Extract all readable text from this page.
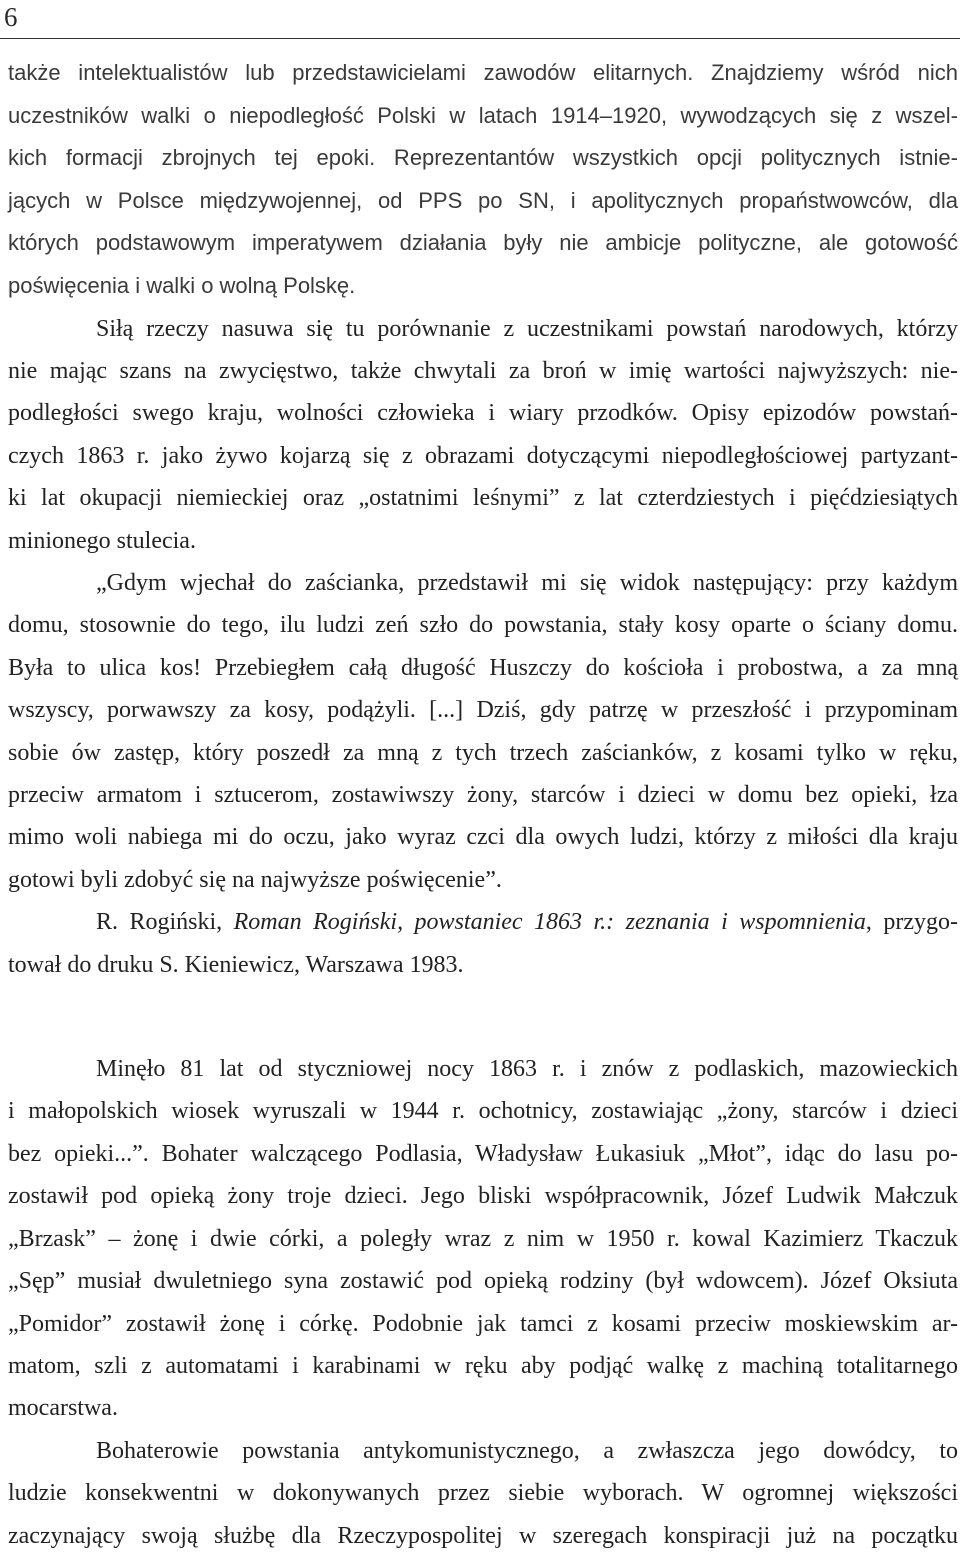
6
także intelektualistów lub przedstawicielami zawodów elitarnych. Znajdziemy wśród nich
uczestników walki o niepodległość Polski w latach 1914–1920, wywodzących się z wszel-
kich formacji zbrojnych tej epoki. Reprezentantów wszystkich opcji politycznych istnie-
jących w Polsce międzywojennej, od PPS po SN, i apolitycznych propaństwowców, dla
których podstawowym imperatywem działania były nie ambicje polityczne, ale gotowość
poświęcenia i walki o wolną Polskę.
Siłą rzeczy nasuwa się tu porównanie z uczestnikami powstań narodowych, którzy
nie mając szans na zwycięstwo, także chwytali za broń w imię wartości najwyższych: nie-
podległości swego kraju, wolności człowieka i wiary przodków. Opisy epizodów powstań-
czych 1863 r. jako żywo kojarzą się z obrazami dotyczącymi niepodległościowej partyzant-
ki lat okupacji niemieckiej oraz „ostatnimi leśnymi” z lat czterdziestych i pięćdziesiątych
minionego stulecia.
„Gdym wjechał do zaścianka, przedstawił mi się widok następujący: przy każdym
domu, stosownie do tego, ilu ludzi zeń szło do powstania, stały kosy oparte o ściany domu.
Była to ulica kos! Przebiegłem całą długość Huszczy do kościoła i probostwa, a za mną
wszyscy, porwawszy za kosy, podążyli. [...] Dziś, gdy patrzę w przeszłość i przypominam
sobie ów zastęp, który poszedł za mną z tych trzech zaścianków, z kosami tylko w ręku,
przeciw armatom i sztucerom, zostawiwszy żony, starców i dzieci w domu bez opieki, łza
mimo woli nabiega mi do oczu, jako wyraz czci dla owych ludzi, którzy z miłości dla kraju
gotowi byli zdobyć się na najwyższe poświęcenie”.
R. Rogiński, Roman Rogiński, powstaniec 1863 r.: zeznania i wspomnienia, przygo-
tował do druku S. Kieniewicz, Warszawa 1983.
Minęło 81 lat od styczniowej nocy 1863 r. i znów z podlaskich, mazowieckich
i małopolskich wiosek wyruszali w 1944 r. ochotnicy, zostawiając „żony, starców i dzieci
bez opieki...”. Bohater walczącego Podlasia, Władysław Łukasiuk „Młot”, idąc do lasu po-
zostawił pod opieką żony troje dzieci. Jego bliski współpracownik, Józef Ludwik Małczuk
„Brzask” – żonę i dwie córki, a poległy wraz z nim w 1950 r. kowal Kazimierz Tkaczuk
„Sęp” musiał dwuletniego syna zostawić pod opieką rodziny (był wdowcem). Józef Oksiuta
„Pomidor” zostawił żonę i córkę. Podobnie jak tamci z kosami przeciw moskiewskim ar-
matom, szli z automatami i karabinami w ręku aby podjąć walkę z machiną totalitarnego
mocarstwa.
Bohaterowie powstania antykomunistycznego, a zwłaszcza jego dowódcy, to
ludzie konsekwentni w dokonywanych przez siebie wyborach. W ogromnej większości
zaczynający swoją służbę dla Rzeczypospolitej w szeregach konspiracji już na początku
